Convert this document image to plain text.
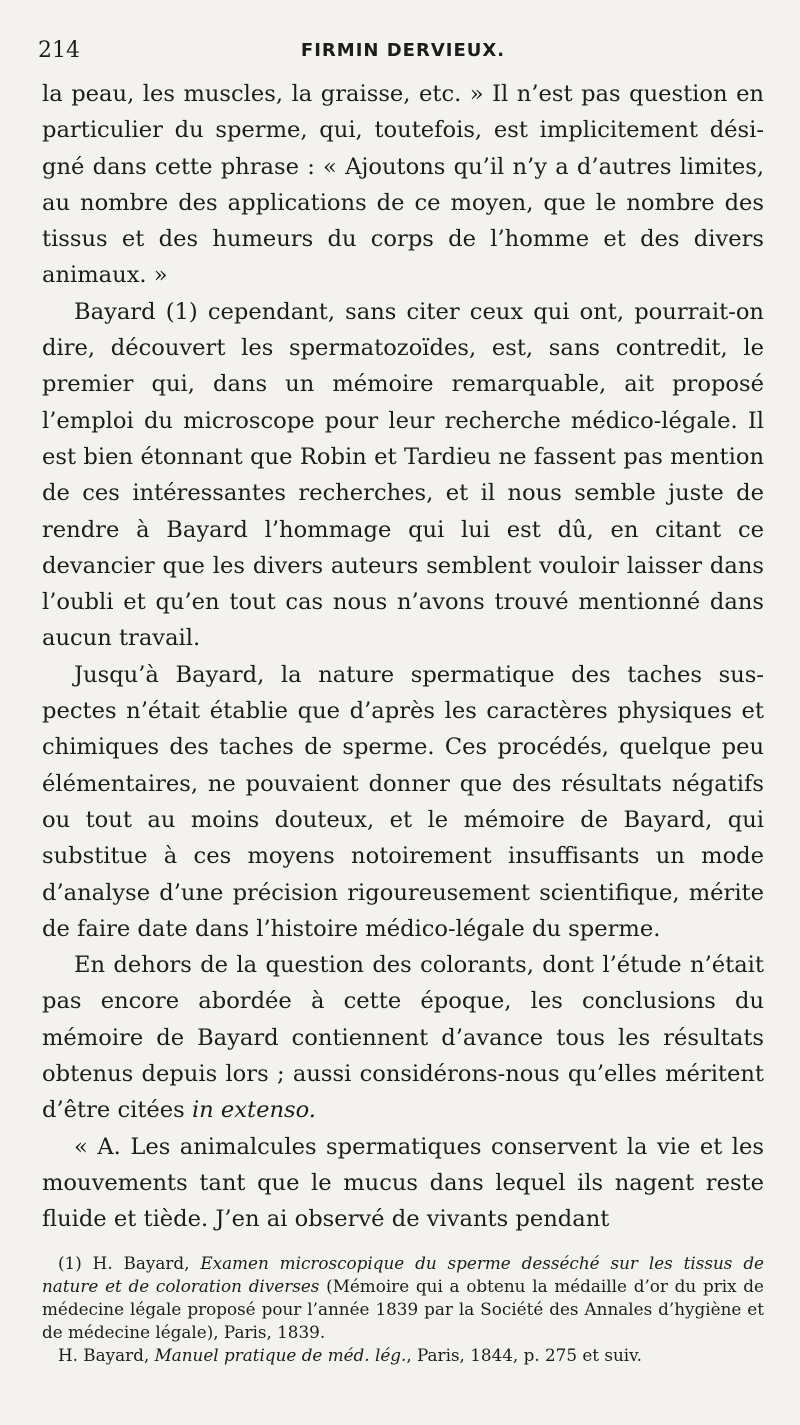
214	FIRMIN DERVIEUX.

la peau, les muscles, la graisse, etc. » Il n’est pas question en particulier du sperme, qui, toutefois, est implicitement désigné dans cette phrase : « Ajoutons qu’il n’y a d’autres limites, au nombre des applications de ce moyen, que le nombre des tissus et des humeurs du corps de l’homme et des divers animaux. »

Bayard (1) cependant, sans citer ceux qui ont, pourrait-on dire, découvert les spermatozoïdes, est, sans contredit, le premier qui, dans un mémoire remarquable, ait proposé l’emploi du microscope pour leur recherche médico-légale. Il est bien étonnant que Robin et Tardieu ne fassent pas mention de ces intéressantes recherches, et il nous semble juste de rendre à Bayard l’hommage qui lui est dû, en citant ce devancier que les divers auteurs semblent vouloir laisser dans l’oubli et qu’en tout cas nous n’avons trouvé mentionné dans aucun travail.

Jusqu’à Bayard, la nature spermatique des taches suspectes n’était établie que d’après les caractères physiques et chimiques des taches de sperme. Ces procédés, quelque peu élémentaires, ne pouvaient donner que des résultats négatifs ou tout au moins douteux, et le mémoire de Bayard, qui substitue à ces moyens notoirement insuffisants un mode d’analyse d’une précision rigoureusement scientifique, mérite de faire date dans l’histoire médico-légale du sperme.

En dehors de la question des colorants, dont l’étude n’était pas encore abordée à cette époque, les conclusions du mémoire de Bayard contiennent d’avance tous les résultats obtenus depuis lors ; aussi considérons-nous qu’elles méritent d’être citées in extenso.

« A. Les animalcules spermatiques conservent la vie et les mouvements tant que le mucus dans lequel ils nagent reste fluide et tiède. J’en ai observé de vivants pendant

(1) H. Bayard, Examen microscopique du sperme desséché sur les tissus de nature et de coloration diverses (Mémoire qui a obtenu la médaille d’or du prix de médecine légale proposé pour l’année 1839 par la Société des Annales d’hygiène et de médecine légale), Paris, 1839.

H. Bayard, Manuel pratique de méd. lég., Paris, 1844, p. 275 et suiv.
